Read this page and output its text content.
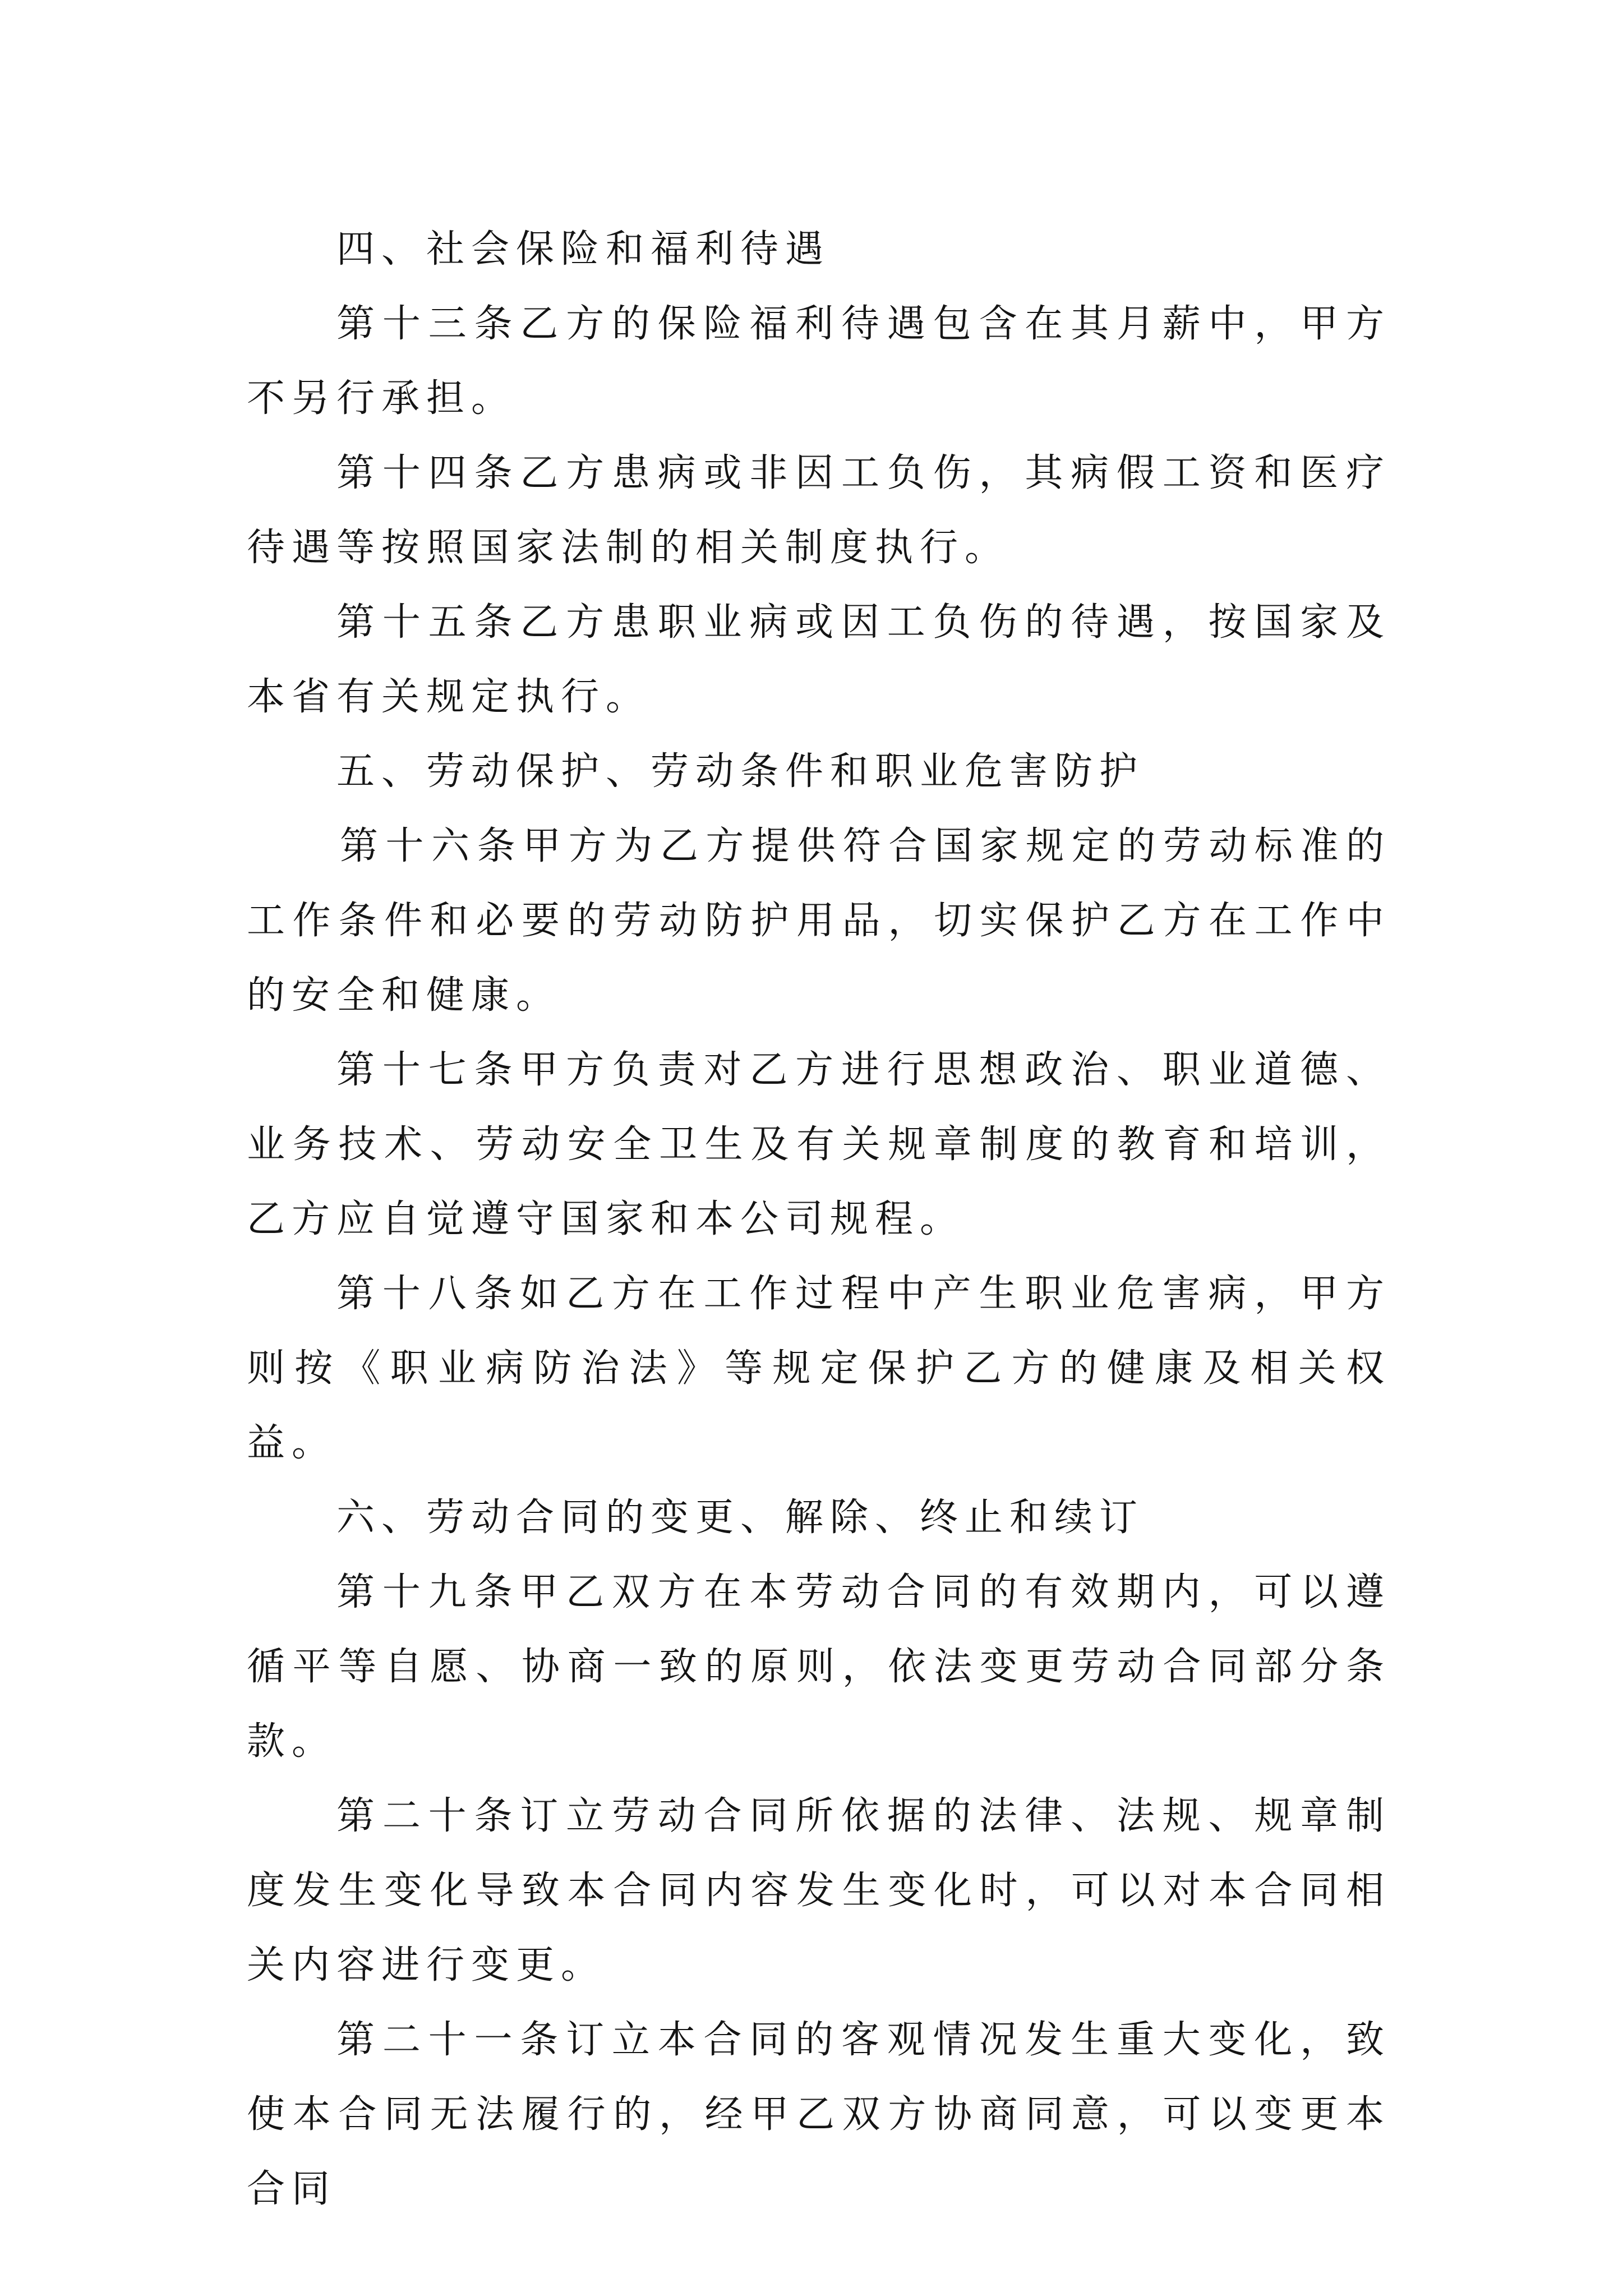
四、社会保险和福利待遇

第十三条乙方的保险福利待遇包含在其月薪中，甲方不另行承担。

第十四条乙方患病或非因工负伤，其病假工资和医疗待遇等按照国家法制的相关制度执行。

第十五条乙方患职业病或因工负伤的待遇，按国家及本省有关规定执行。

五、劳动保护、劳动条件和职业危害防护

第十六条甲方为乙方提供符合国家规定的劳动标准的工作条件和必要的劳动防护用品，切实保护乙方在工作中的安全和健康。

第十七条甲方负责对乙方进行思想政治、职业道德、业务技术、劳动安全卫生及有关规章制度的教育和培训，乙方应自觉遵守国家和本公司规程。

第十八条如乙方在工作过程中产生职业危害病，甲方则按《职业病防治法》等规定保护乙方的健康及相关权益。

六、劳动合同的变更、解除、终止和续订

第十九条甲乙双方在本劳动合同的有效期内，可以遵循平等自愿、协商一致的原则，依法变更劳动合同部分条款。

第二十条订立劳动合同所依据的法律、法规、规章制度发生变化导致本合同内容发生变化时，可以对本合同相关内容进行变更。

第二十一条订立本合同的客观情况发生重大变化，致使本合同无法履行的，经甲乙双方协商同意，可以变更本合同
